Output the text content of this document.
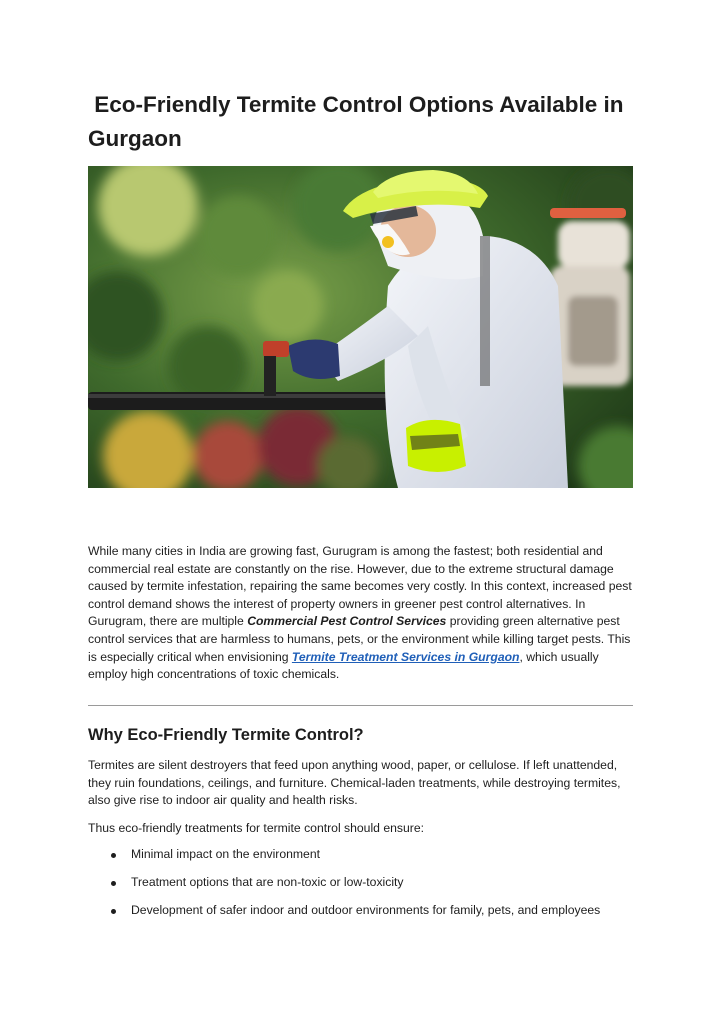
Eco-Friendly Termite Control Options Available in Gurgaon

While many cities in India are growing fast, Gurugram is among the fastest; both residential and commercial real estate are constantly on the rise. However, due to the extreme structural damage caused by termite infestation, repairing the same becomes very costly. In this context, increased pest control demand shows the interest of property owners in greener pest control alternatives. In Gurugram, there are multiple Commercial Pest Control Services providing green alternative pest control services that are harmless to humans, pets, or the environment while killing target pests. This is especially critical when envisioning Termite Treatment Services in Gurgaon, which usually employ high concentrations of toxic chemicals.

Why Eco-Friendly Termite Control?

Termites are silent destroyers that feed upon anything wood, paper, or cellulose. If left unattended, they ruin foundations, ceilings, and furniture. Chemical-laden treatments, while destroying termites, also give rise to indoor air quality and health risks.

Thus eco-friendly treatments for termite control should ensure:

Minimal impact on the environment
Treatment options that are non-toxic or low-toxicity
Development of safer indoor and outdoor environments for family, pets, and employees
